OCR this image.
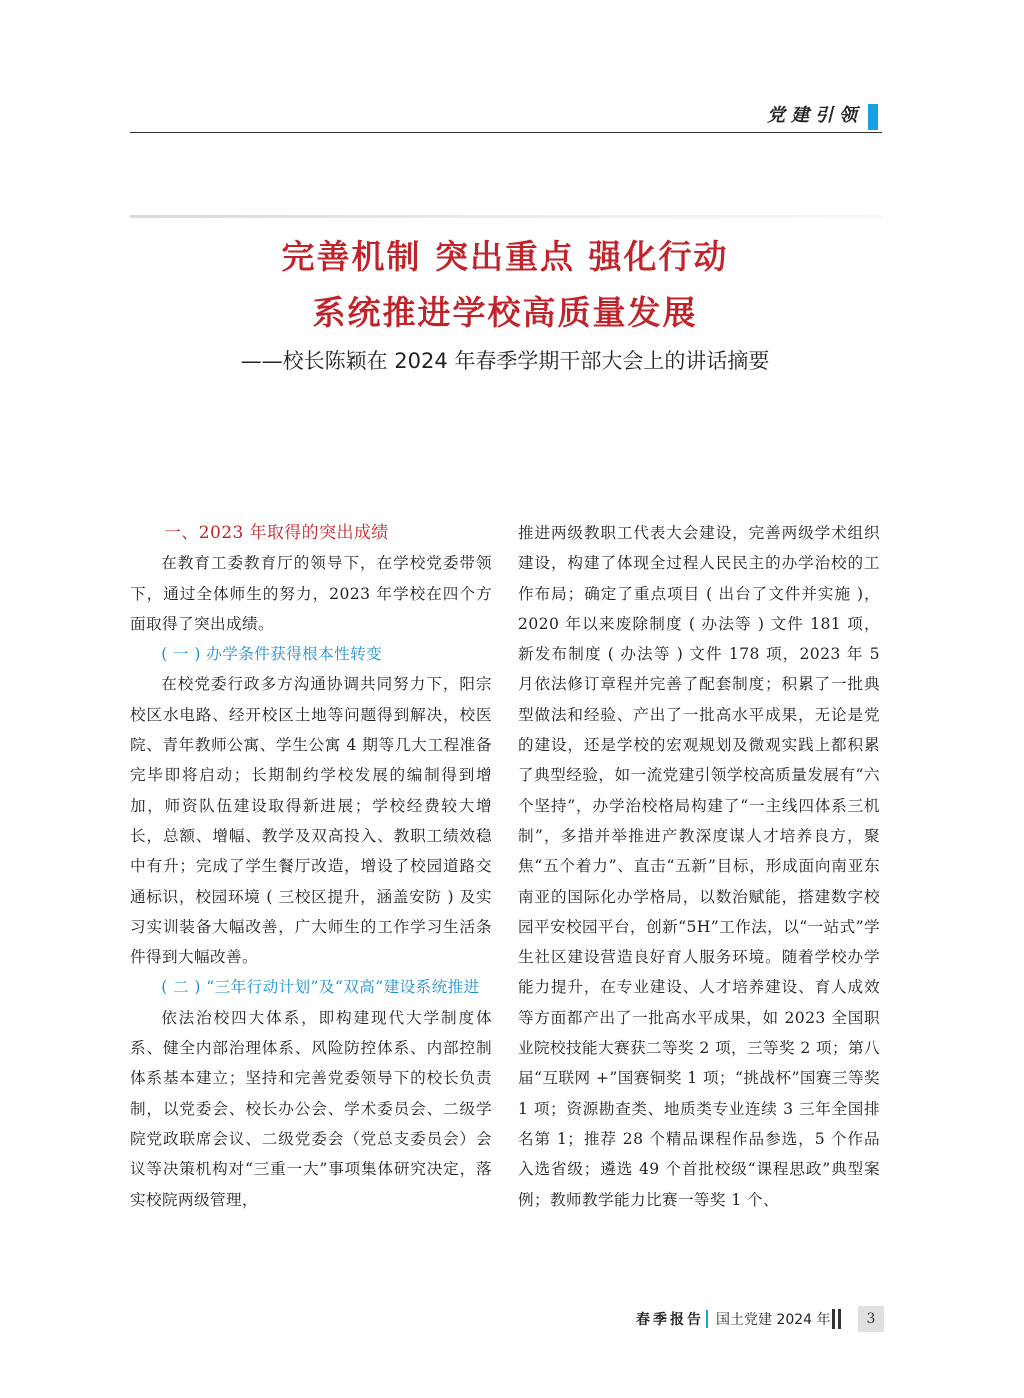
党建引领
完善机制 突出重点 强化行动
系统推进学校高质量发展
——校长陈颖在 2024 年春季学期干部大会上的讲话摘要

一、2023 年取得的突出成绩

在教育工委教育厅的领导下，在学校党委带领下，通过全体师生的努力，2023 年学校在四个方面取得了突出成绩。

( 一 ) 办学条件获得根本性转变

在校党委行政多方沟通协调共同努力下，阳宗校区水电路、经开校区土地等问题得到解决，校医院、青年教师公寓、学生公寓 4 期等几大工程准备完毕即将启动；长期制约学校发展的编制得到增加，师资队伍建设取得新进展；学校经费较大增长，总额、增幅、教学及双高投入、教职工绩效稳中有升；完成了学生餐厅改造，增设了校园道路交通标识，校园环境 ( 三校区提升，涵盖安防 ) 及实习实训装备大幅改善，广大师生的工作学习生活条件得到大幅改善。

( 二 ) “三年行动计划”及“双高”建设系统推进

依法治校四大体系，即构建现代大学制度体系、健全内部治理体系、风险防控体系、内部控制体系基本建立；坚持和完善党委领导下的校长负责制，以党委会、校长办公会、学术委员会、二级学院党政联席会议、二级党委会（党总支委员会）会议等决策机构对“三重一大”事项集体研究决定，落实校院两级管理，

推进两级教职工代表大会建设，完善两级学术组织建设，构建了体现全过程人民民主的办学治校的工作布局；确定了重点项目 ( 出台了文件并实施 )，2020 年以来废除制度 ( 办法等 ) 文件 181 项，新发布制度 ( 办法等 ) 文件 178 项，2023 年 5 月依法修订章程并完善了配套制度；积累了一批典型做法和经验、产出了一批高水平成果，无论是党的建设，还是学校的宏观规划及微观实践上都积累了典型经验，如一流党建引领学校高质量发展有“六个坚持”，办学治校格局构建了“一主线四体系三机制”，多措并举推进产教深度谋人才培养良方，聚焦“五个着力”、直击“五新”目标，形成面向南亚东南亚的国际化办学格局，以数治赋能，搭建数字校园平安校园平台，创新“5H”工作法，以“一站式”学生社区建设营造良好育人服务环境。随着学校办学能力提升，在专业建设、人才培养建设、育人成效等方面都产出了一批高水平成果，如 2023 全国职业院校技能大赛获二等奖 2 项，三等奖 2 项；第八届“互联网 +”国赛铜奖 1 项；“挑战杯”国赛三等奖 1 项；资源勘查类、地质类专业连续 3 三年全国排名第 1；推荐 28 个精品课程作品参选，5 个作品入选省级；遴选 49 个首批校级“课程思政”典型案例；教师教学能力比赛一等奖 1 个、

春季报告 国土党建 2024 年	3
